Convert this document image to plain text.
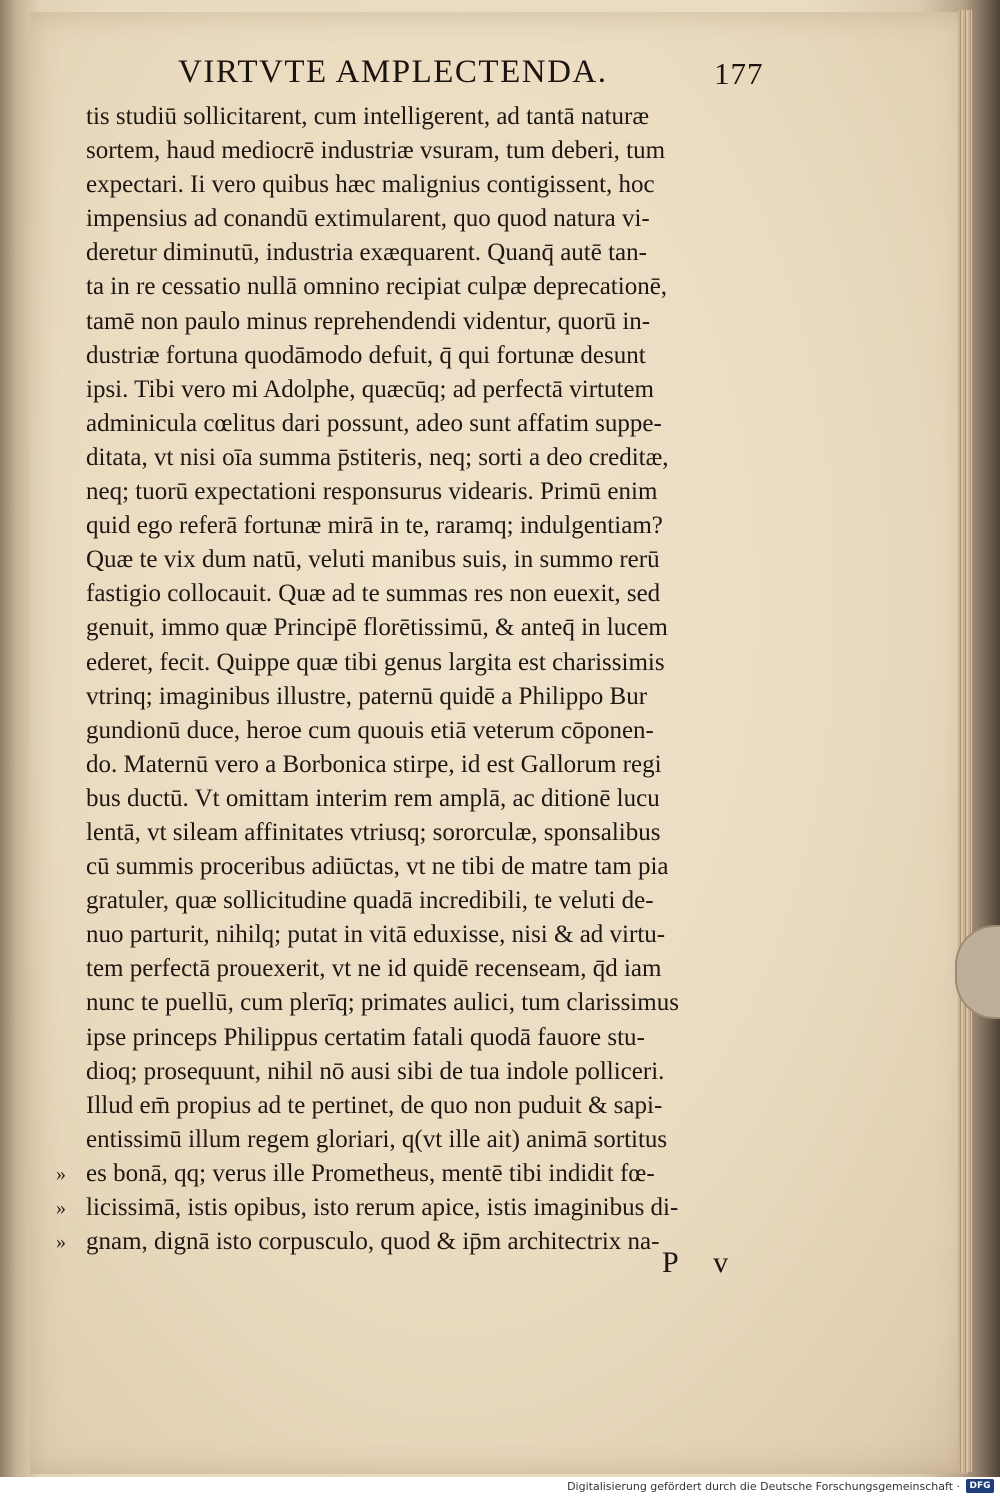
VIRTVTE AMPLECTENDA.	177
tis studiū sollicitarent, cum intelligerent, ad tantā naturæ
sortem, haud mediocrē industriæ vsuram, tum deberi, tum
expectari. Ii vero quibus hæc malignius contigissent, hoc
impensius ad conandū extimularent, quo quod natura vi-
deretur diminutū, industria exæquarent. Quanq̄ autē tan-
ta in re cessatio nullā omnino recipiat culpæ deprecationē,
tamē non paulo minus reprehendendi videntur, quorū in-
dustriæ fortuna quodāmodo defuit, q̄ qui fortunæ desunt
ipsi. Tibi vero mi Adolphe, quæcūq; ad perfectā virtutem
adminicula cœlitus dari possunt, adeo sunt affatim suppe-
ditata, vt nisi oīa summa p̄stiteris, neq; sorti a deo creditæ,
neq; tuorū expectationi responsurus videaris. Primū enim
quid ego referā fortunæ mirā in te, raramq; indulgentiam?
Quæ te vix dum natū, veluti manibus suis, in summo rerū
fastigio collocauit. Quæ ad te summas res non euexit, sed
genuit, immo quæ Principē florētissimū, & anteq̄ in lucem
ederet, fecit. Quippe quæ tibi genus largita est charissimis
vtrinq; imaginibus illustre, paternū quidē a Philippo Bur
gundionū duce, heroe cum quouis etiā veterum cōponen-
do. Maternū vero a Borbonica stirpe, id est Gallorum regi
bus ductū. Vt omittam interim rem amplā, ac ditionē lucu
lentā, vt sileam affinitates vtriusq; sororculæ, sponsalibus
cū summis proceribus adiūctas, vt ne tibi de matre tam pia
gratuler, quæ sollicitudine quadā incredibili, te veluti de-
nuo parturit, nihilq; putat in vitā eduxisse, nisi & ad virtu-
tem perfectā prouexerit, vt ne id quidē recenseam, q̄d iam
nunc te puellū, cum plerīq; primates aulici, tum clarissimus
ipse princeps Philippus certatim fatali quodā fauore stu-
dioq; prosequunt, nihil nō ausi sibi de tua indole polliceri.
Illud em̄ propius ad te pertinet, de quo non puduit & sapi-
entissimū illum regem gloriari, q(vt ille ait) animā sortitus
» es bonā, qq; verus ille Prometheus, mentē tibi indidit fœ-
» licissimā, istis opibus, isto rerum apice, istis imaginibus di-
» gnam, dignā isto corpusculo, quod & ip̄m architectrix na-
P v
Digitalisierung gefördert durch die Deutsche Forschungsgemeinschaft ·	DFG
